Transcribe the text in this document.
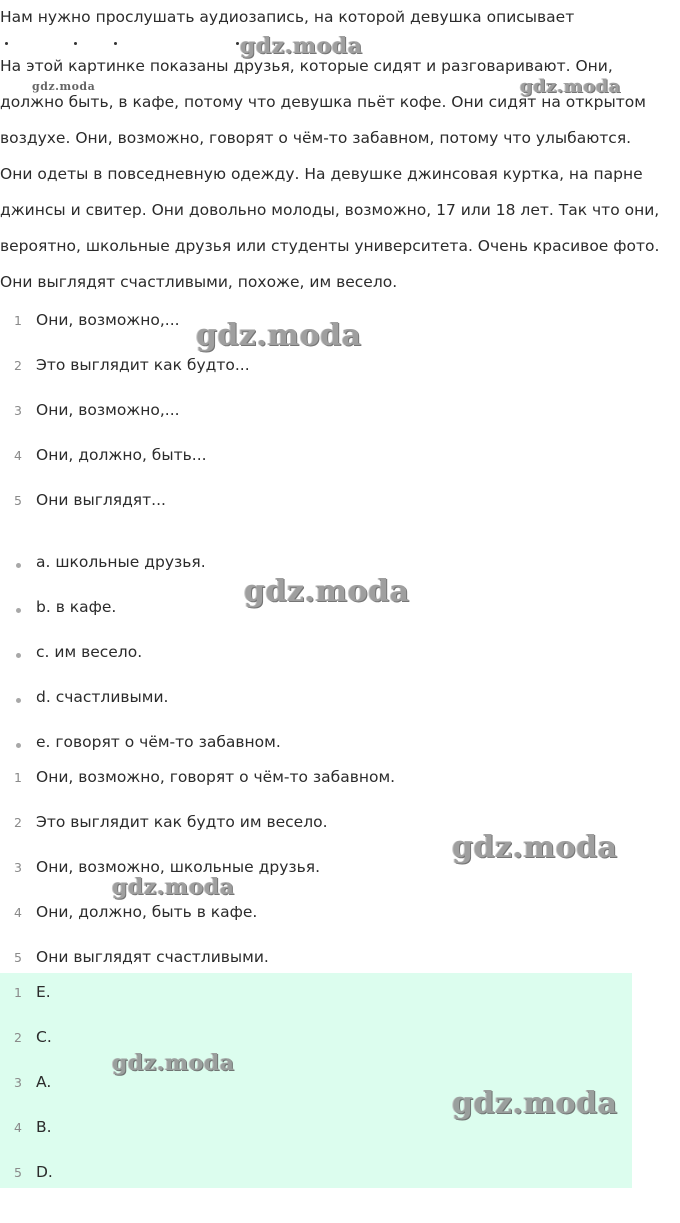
Нам нужно прослушать аудиозапись, на которой девушка описывает
На этой картинке показаны друзья, которые сидят и разговаривают. Они,
должно быть, в кафе, потому что девушка пьёт кофе. Они сидят на открытом
воздухе. Они, возможно, говорят о чём-то забавном, потому что улыбаются.
Они одеты в повседневную одежду. На девушке джинсовая куртка, на парне
джинсы и свитер. Они довольно молоды, возможно, 17 или 18 лет. Так что они,
вероятно, школьные друзья или студенты университета. Очень красивое фото.
Они выглядят счастливыми, похоже, им весело.
1 Они, возможно,...
2 Это выглядит как будто...
3 Они, возможно,...
4 Они, должно, быть...
5 Они выглядят...
a. школьные друзья.
b. в кафе.
c. им весело.
d. счастливыми.
e. говорят о чём-то забавном.
1 Они, возможно, говорят о чём-то забавном.
2 Это выглядит как будто им весело.
3 Они, возможно, школьные друзья.
4 Они, должно, быть в кафе.
5 Они выглядят счастливыми.
1 E.
2 C.
3 A.
4 B.
5 D.
gdz.moda
gdz.moda	gdz.moda
gdz.moda
gdz.moda
gdz.moda
gdz.moda
gdz.moda
gdz.moda
